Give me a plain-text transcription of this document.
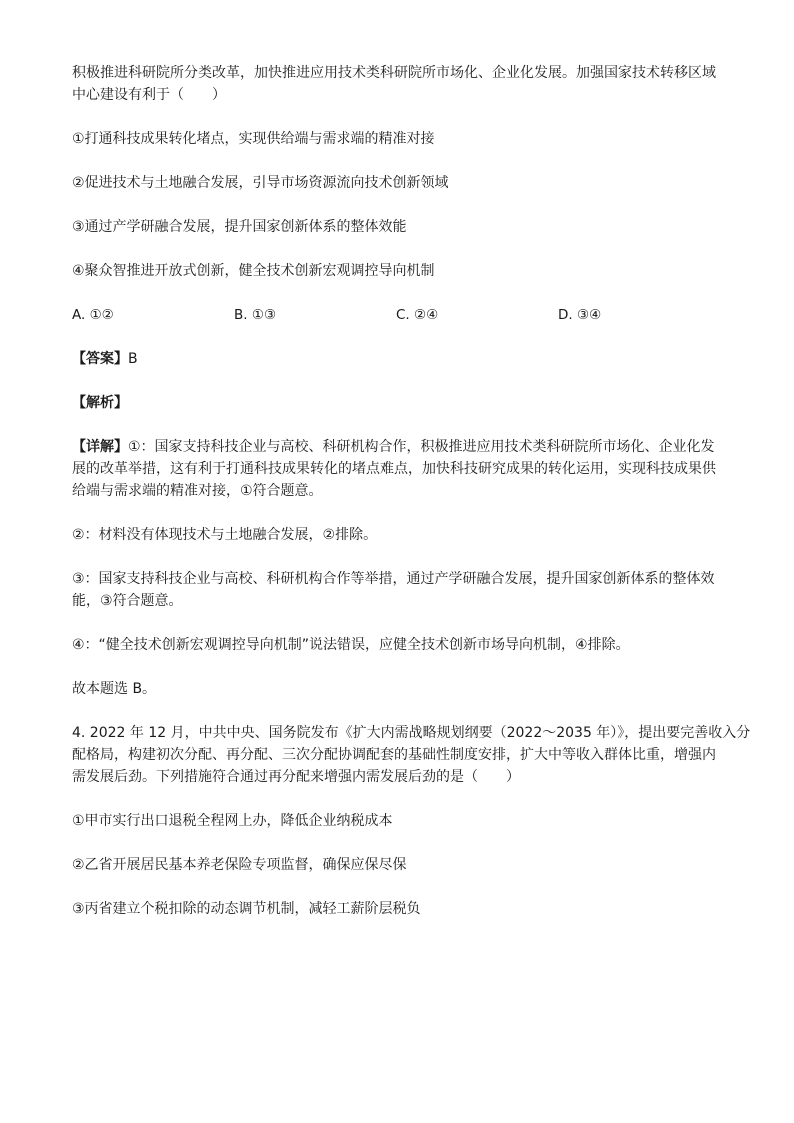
积极推进科研院所分类改革，加快推进应用技术类科研院所市场化、企业化发展。加强国家技术转移区域

中心建设有利于（　　）

①打通科技成果转化堵点，实现供给端与需求端的精准对接

②促进技术与土地融合发展，引导市场资源流向技术创新领域

③通过产学研融合发展，提升国家创新体系的整体效能

④聚众智推进开放式创新，健全技术创新宏观调控导向机制

A. ①②	B. ①③	C. ②④	D. ③④

【答案】B

【解析】

【详解】①：国家支持科技企业与高校、科研机构合作，积极推进应用技术类科研院所市场化、企业化发

展的改革举措，这有利于打通科技成果转化的堵点难点，加快科技研究成果的转化运用，实现科技成果供

给端与需求端的精准对接，①符合题意。

②：材料没有体现技术与土地融合发展，②排除。

③：国家支持科技企业与高校、科研机构合作等举措，通过产学研融合发展，提升国家创新体系的整体效

能，③符合题意。

④：“健全技术创新宏观调控导向机制”说法错误，应健全技术创新市场导向机制，④排除。

故本题选 B。

4. 2022 年 12 月，中共中央、国务院发布《扩大内需战略规划纲要（2022～2035 年）》，提出要完善收入分

配格局，构建初次分配、再分配、三次分配协调配套的基础性制度安排，扩大中等收入群体比重，增强内

需发展后劲。下列措施符合通过再分配来增强内需发展后劲的是（　　）

①甲市实行出口退税全程网上办，降低企业纳税成本

②乙省开展居民基本养老保险专项监督，确保应保尽保

③丙省建立个税扣除的动态调节机制，减轻工薪阶层税负
